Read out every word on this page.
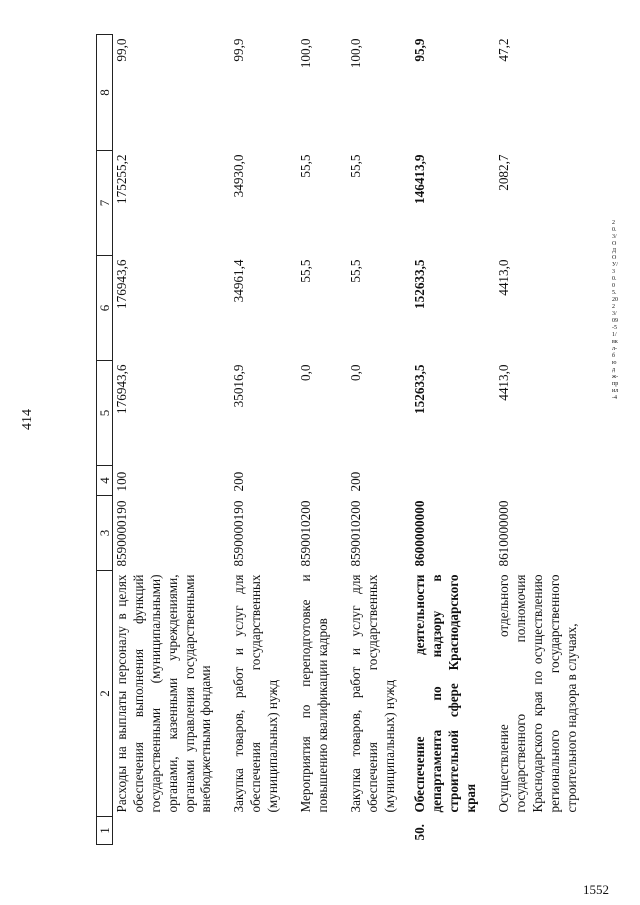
414
1552
20.3/OДОУ/30.05.2023/09-51/вкл-бюдж-прил-4
1	2	3	4	5	6	7	8
	Расходы на выплаты персоналу в целях обеспечения выполнения функций государственными (муниципальными) органами, казенными учреждениями, органами управления государственными внебюджетными фондами	8590000190	100	176943,6	176943,6	175255,2	99,0

	Закупка товаров, работ и услуг для обеспечения государственных (муниципальных) нужд	8590000190	200	35016,9	34961,4	34930,0	99,9

	Мероприятия по переподготовке и повышению квалификации кадров	8590010200		0,0	55,5	55,5	100,0

	Закупка товаров, работ и услуг для обеспечения государственных (муниципальных) нужд	8590010200	200	0,0	55,5	55,5	100,0

50.	Обеспечение деятельности департамента по надзору в строительной сфере Краснодарского края	8600000000		152633,5	152633,5	146413,9	95,9

	Осуществление отдельного государственного полномочия Краснодарского края по осуществлению регионального государственного строительного надзора в случаях,	8610000000		4413,0	4413,0	2082,7	47,2
